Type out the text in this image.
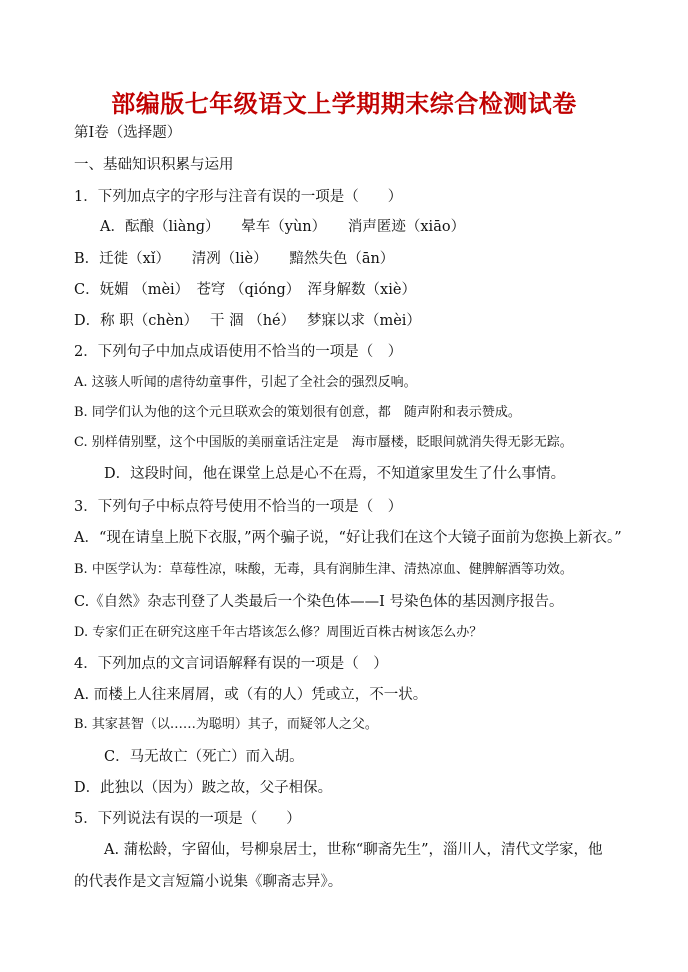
部编版七年级语文上学期期末综合检测试卷
第Ⅰ卷（选择题）
一、基础知识积累与运用
1．下列加点字的字形与注音有误的一项是（　　）
A．酝酿（liànɡ）　　晕车（yùn）　　消声匿迹（xiāo）
B．迁徙（xǐ）　　清冽（liè）　　黯然失色（ān）
C．妩媚 （mèi）　苍穹 （qióng）　浑身解数（xiè）
D．称 职（chèn）　 干 涸 （hé）　 梦寐以求（mèi）
2．下列句子中加点成语使用不恰当的一项是（　）
A. 这骇人听闻的虐待幼童事件，引起了全社会的强烈反响。
B. 同学们认为他的这个元旦联欢会的策划很有创意，都　随声附和表示赞成。
C. 别样倩别墅，这个中国版的美丽童话注定是　海市蜃楼，眨眼间就消失得无影无踪。
D．这段时间，他在课堂上总是心不在焉，不知道家里发生了什么事情。
3．下列句子中标点符号使用不恰当的一项是（　）
A．“现在请皇上脱下衣服，”两个骗子说，“好让我们在这个大镜子面前为您换上新衣。”
B. 中医学认为：草莓性凉，味酸，无毒，具有润肺生津、清热凉血、健脾解酒等功效。
C.《自然》杂志刊登了人类最后一个染色体——I 号染色体的基因测序报告。
D. 专家们正在研究这座千年古塔该怎么修？周围近百株古树该怎么办？
4．下列加点的文言词语解释有误的一项是（　）
A. 而楼上人往来屑屑，或（有的人）凭或立，不一状。
B. 其家甚智（以……为聪明）其子，而疑邻人之父。
C．马无故亡（死亡）而入胡。
D．此独以（因为）跛之故，父子相保。
5．下列说法有误的一项是（　　）
A. 蒲松龄，字留仙，号柳泉居士，世称“聊斋先生”，淄川人，清代文学家，他的代表作是文言短篇小说集《聊斋志异》。
